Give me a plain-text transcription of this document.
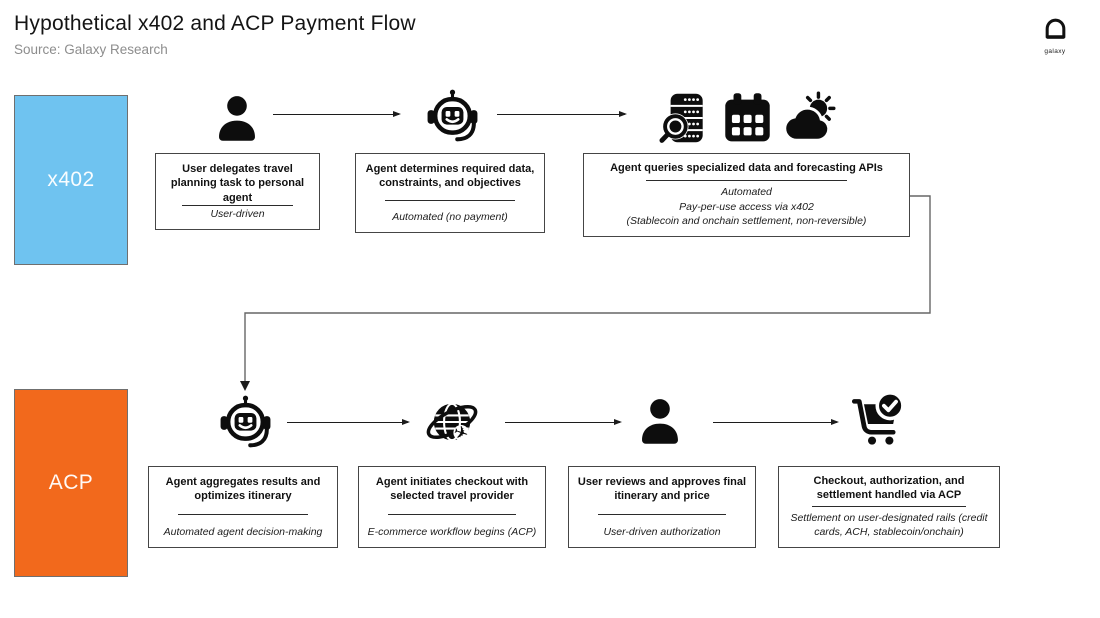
Hypothetical x402 and ACP Payment Flow
Source: Galaxy Research	galaxy
x402
ACP
User delegates travel planning task to personal agent
User-driven
Agent determines required data, constraints, and objectives
Automated (no payment)
Agent queries specialized data and forecasting APIs
Automated
Pay-per-use access via x402
(Stablecoin and onchain settlement, non-reversible)
✈
Agent aggregates results and optimizes itinerary
Automated agent decision-making
Agent initiates checkout with selected travel provider
E-commerce workflow begins (ACP)
User reviews and approves final itinerary and price
User-driven authorization
Checkout, authorization, and settlement handled via ACP
Settlement on user-designated rails (credit cards, ACH, stablecoin/onchain)
